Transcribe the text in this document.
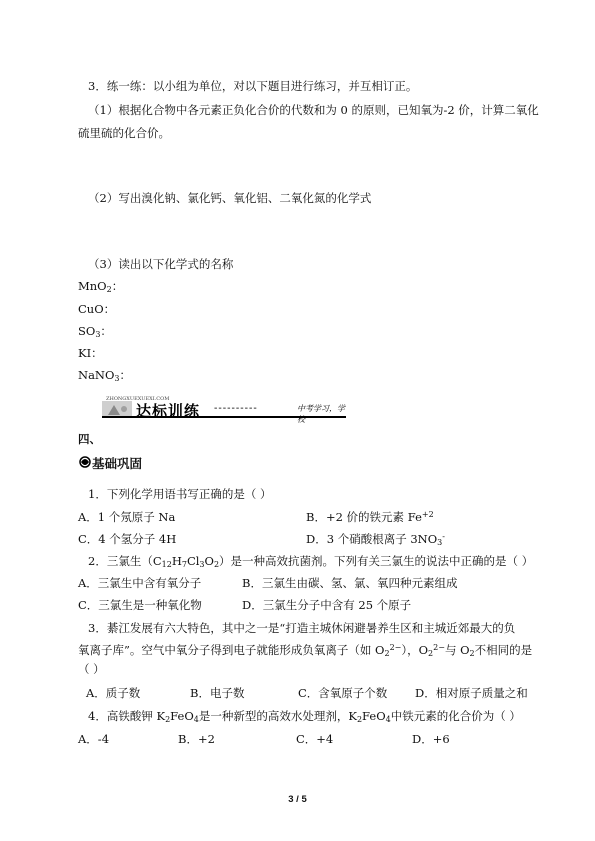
3．练一练：以小组为单位，对以下题目进行练习，并互相订正。
（1）根据化合物中各元素正负化合价的代数和为 0 的原则，已知氧为-2 价，计算二氧化
硫里硫的化合价。
（2）写出溴化钠、氯化钙、氧化铝、二氧化氮的化学式
（3）读出以下化学式的名称
MnO$_2$：
CuO：
$SO_3$：
KI：
NaNO$_3$：
ZHONGXUEXUEXI.COM
达标训练 ----------	中考学习，学校
四、
基础巩固
1．下列化学用语书写正确的是（ ）
A．1 个氖原子 Na	B．+2 价的铁元素 $Fe^{+2}$
C．4 个氢分子 4H	D．3 个硝酸根离子 $3NO_3^-$
2．三氯生$(C_{12}H_7Cl_3O_2)$是一种高效抗菌剂。下列有关三氯生的说法中正确的是（ ）
A．三氯生中含有氧分子	B．三氯生由碳、氢、氯、氧四种元素组成
C．三氯生是一种氧化物	D．三氯生分子中含有 25 个原子
3．綦江发展有六大特色，其中之一是“打造主城休闲避暑养生区和主城近郊最大的负
氧离子库”。空气中氧分子得到电子就能形成负氧离子（如 $O_2^{2-}$），$O_2^{2-}$与 $O_2$不相同的是
（ ）
A．质子数	B．电子数	C．含氧原子个数 D．相对原子质量之和
4．高铁酸钾 $K_2FeO_4$是一种新型的高效水处理剂，$K_2FeO_4$中铁元素的化合价为（ ）
A．-4	B．+2	C．+4	D．+6
3 / 5
